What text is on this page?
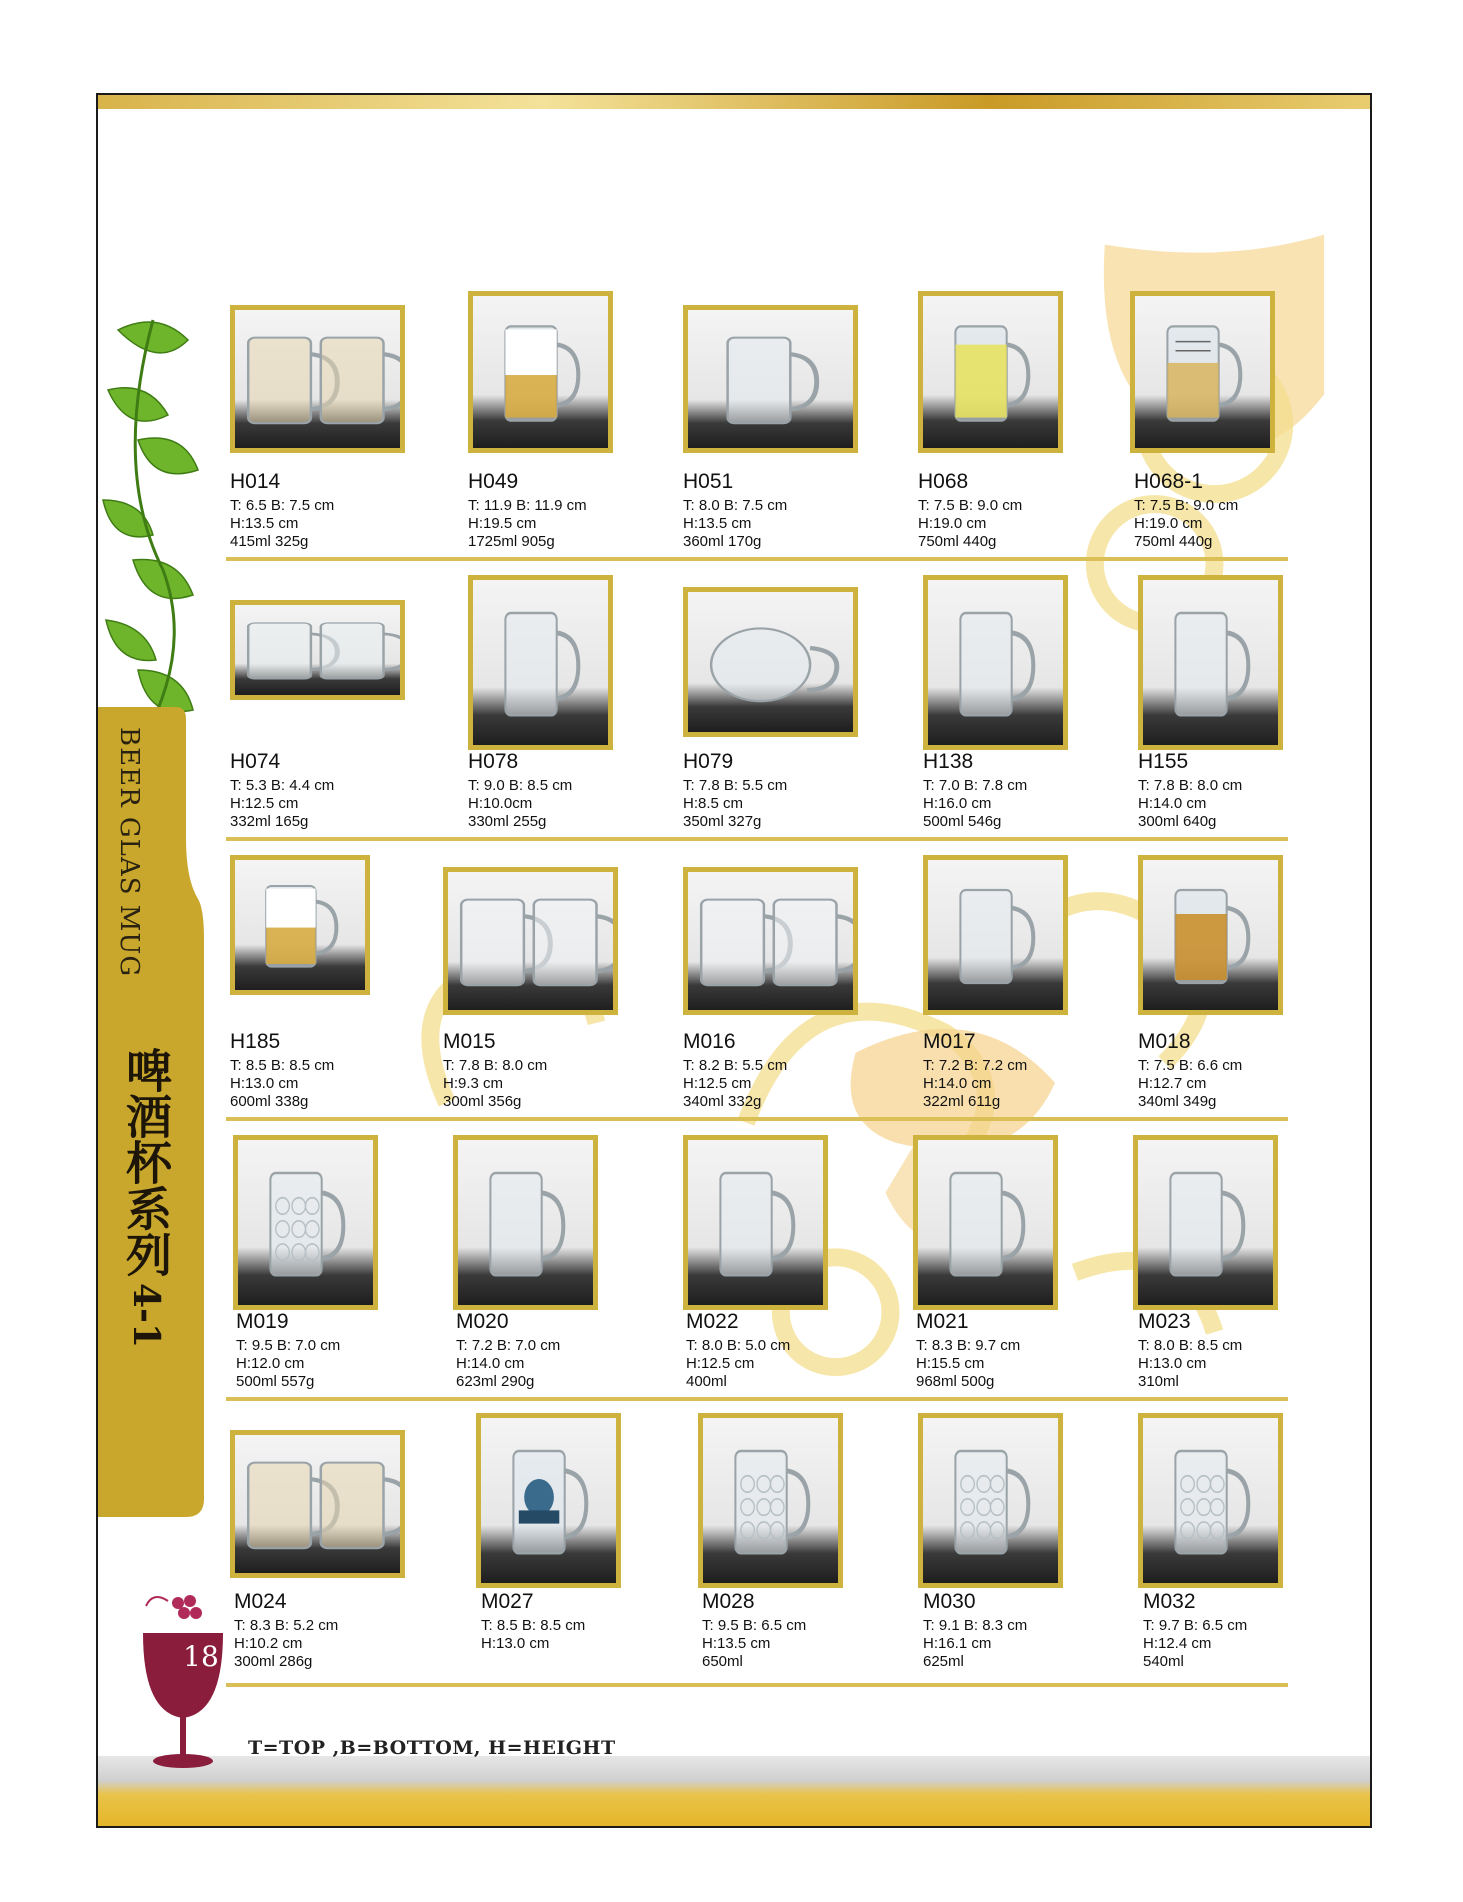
BEER GLAS MUG
啤酒杯系列
4-1
18
T=TOP ,B=BOTTOM, H=HEIGHT
H014
T: 6.5 B: 7.5 cm
H:13.5 cm
415ml 325g
H049
T: 11.9 B: 11.9 cm
H:19.5 cm
1725ml 905g
H051
T: 8.0 B: 7.5 cm
H:13.5 cm
360ml 170g
H068
T: 7.5 B: 9.0 cm
H:19.0 cm
750ml 440g
H068-1
T: 7.5 B: 9.0 cm
H:19.0 cm
750ml 440g
H074
T: 5.3 B: 4.4 cm
H:12.5 cm
332ml 165g
H078
T: 9.0 B: 8.5 cm
H:10.0cm
330ml 255g
H079
T: 7.8 B: 5.5 cm
H:8.5 cm
350ml 327g
H138
T: 7.0 B: 7.8 cm
H:16.0 cm
500ml 546g
H155
T: 7.8 B: 8.0 cm
H:14.0 cm
300ml 640g
H185
T: 8.5 B: 8.5 cm
H:13.0 cm
600ml 338g
M015
T: 7.8 B: 8.0 cm
H:9.3 cm
300ml 356g
M016
T: 8.2 B: 5.5 cm
H:12.5 cm
340ml 332g
M017
T: 7.2 B: 7.2 cm
H:14.0 cm
322ml 611g
M018
T: 7.5 B: 6.6 cm
H:12.7 cm
340ml 349g
M019
T: 9.5 B: 7.0 cm
H:12.0 cm
500ml 557g
M020
T: 7.2 B: 7.0 cm
H:14.0 cm
623ml 290g
M022
T: 8.0 B: 5.0 cm
H:12.5 cm
400ml
M021
T: 8.3 B: 9.7 cm
H:15.5 cm
968ml 500g
M023
T: 8.0 B: 8.5 cm
H:13.0 cm
310ml
M024
T: 8.3 B: 5.2 cm
H:10.2 cm
300ml 286g
M027
T: 8.5 B: 8.5 cm
H:13.0 cm
M028
T: 9.5 B: 6.5 cm
H:13.5 cm
650ml
M030
T: 9.1 B: 8.3 cm
H:16.1 cm
625ml
M032
T: 9.7 B: 6.5 cm
H:12.4 cm
540ml
